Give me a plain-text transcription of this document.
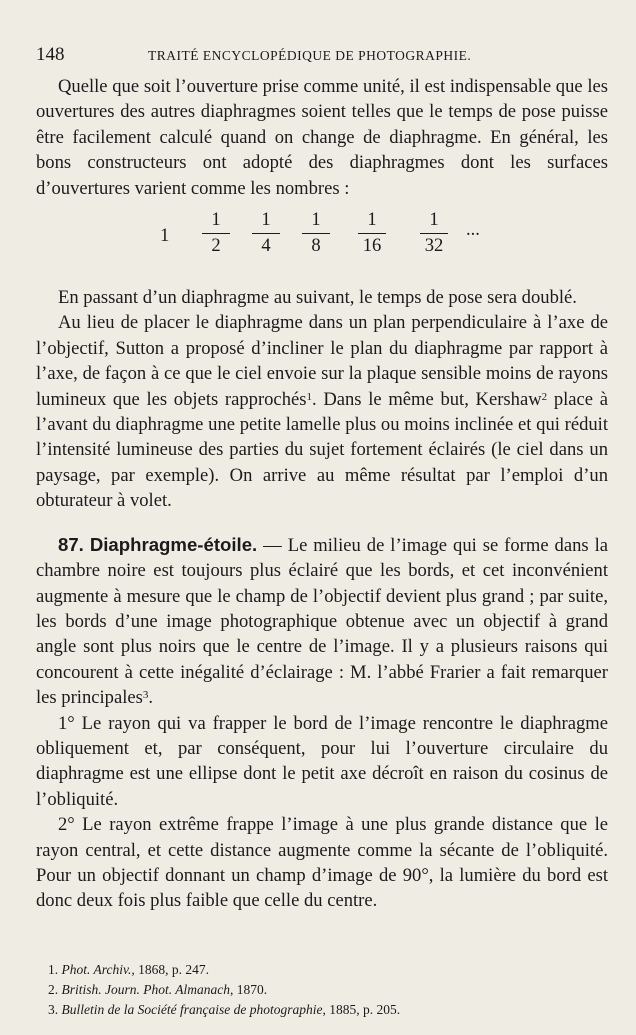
148	TRAITÉ ENCYCLOPÉDIQUE DE PHOTOGRAPHIE.

Quelle que soit l’ouverture prise comme unité, il est indispensable que les ouvertures des autres diaphragmes soient telles que le temps de pose puisse être facilement calculé quand on change de diaphragme. En général, les bons constructeurs ont adopté des diaphragmes dont les surfaces d’ouvertures varient comme les nombres :

$1 \frac{1}{2} \frac{1}{4} \frac{1}{8} \frac{1}{16} \frac{1}{32}$ ...

En passant d’un diaphragme au suivant, le temps de pose sera doublé.

Au lieu de placer le diaphragme dans un plan perpendiculaire à l’axe de l’objectif, Sutton a proposé d’incliner le plan du diaphragme par rapport à l’axe, de façon à ce que le ciel envoie sur la plaque sensible moins de rayons lumineux que les objets rapprochés$^1$. Dans le même but, Kershaw$^2$ place à l’avant du diaphragme une petite lamelle plus ou moins inclinée et qui réduit l’intensité lumineuse des parties du sujet fortement éclairés (le ciel dans un paysage, par exemple). On arrive au même résultat par l’emploi d’un obturateur à volet.

87. Diaphragme-étoile. — Le milieu de l’image qui se forme dans la chambre noire est toujours plus éclairé que les bords, et cet inconvénient augmente à mesure que le champ de l’objectif devient plus grand ; par suite, les bords d’une image photographique obtenue avec un objectif à grand angle sont plus noirs que le centre de l’image. Il y a plusieurs raisons qui concourent à cette inégalité d’éclairage : M. l’abbé Frarier a fait remarquer les principales$^3$.

1° Le rayon qui va frapper le bord de l’image rencontre le diaphragme obliquement et, par conséquent, pour lui l’ouverture circulaire du diaphragme est une ellipse dont le petit axe décroît en raison du cosinus de l’obliquité.

2° Le rayon extrême frappe l’image à une plus grande distance que le rayon central, et cette distance augmente comme la sécante de l’obliquité. Pour un objectif donnant un champ d’image de 90°, la lumière du bord est donc deux fois plus faible que celle du centre.

1. Phot. Archiv., 1868, p. 247.
2. British. Journ. Phot. Almanach, 1870.
3. Bulletin de la Société française de photographie, 1885, p. 205.
